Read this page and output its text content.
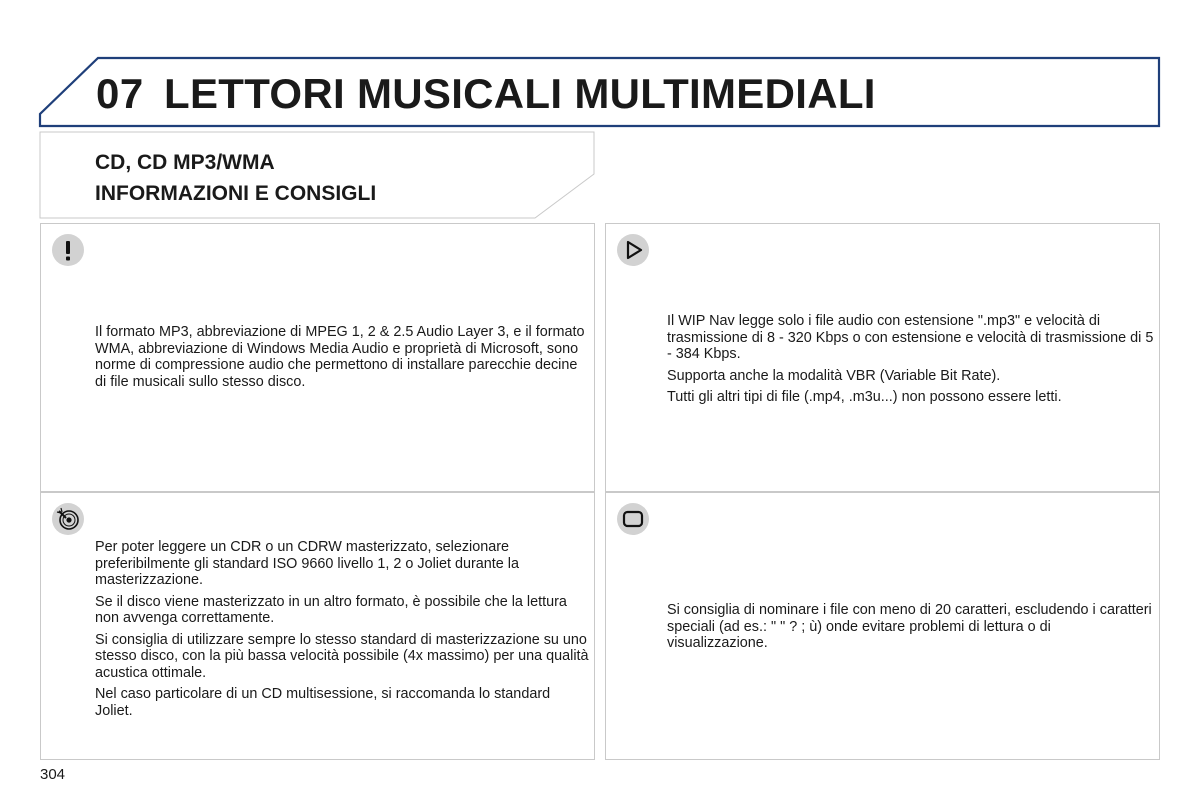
07 LETTORI MUSICALI MULTIMEDIALI
CD, CD MP3/WMA
INFORMAZIONI E CONSIGLI

Il formato MP3, abbreviazione di MPEG 1, 2 & 2.5 Audio Layer 3, e il formato WMA, abbreviazione di Windows Media Audio e proprietà di Microsoft, sono norme di compressione audio che permettono di installare parecchie decine di file musicali sullo stesso disco.

Il WIP Nav legge solo i file audio con estensione ".mp3" e velocità di trasmissione di 8 - 320 Kbps o con estensione e velocità di trasmissione di 5 - 384 Kbps.

Supporta anche la modalità VBR (Variable Bit Rate).

Tutti gli altri tipi di file (.mp4, .m3u...) non possono essere letti.

Per poter leggere un CDR o un CDRW masterizzato, selezionare preferibilmente gli standard ISO 9660 livello 1, 2 o Joliet durante la masterizzazione.

Se il disco viene masterizzato in un altro formato, è possibile che la lettura non avvenga correttamente.

Si consiglia di utilizzare sempre lo stesso standard di masterizzazione su uno stesso disco, con la più bassa velocità possibile (4x massimo) per una qualità acustica ottimale.

Nel caso particolare di un CD multisessione, si raccomanda lo standard Joliet.

Si consiglia di nominare i file con meno di 20 caratteri, escludendo i caratteri speciali (ad es.: " " ? ; ù) onde evitare problemi di lettura o di visualizzazione.

304
